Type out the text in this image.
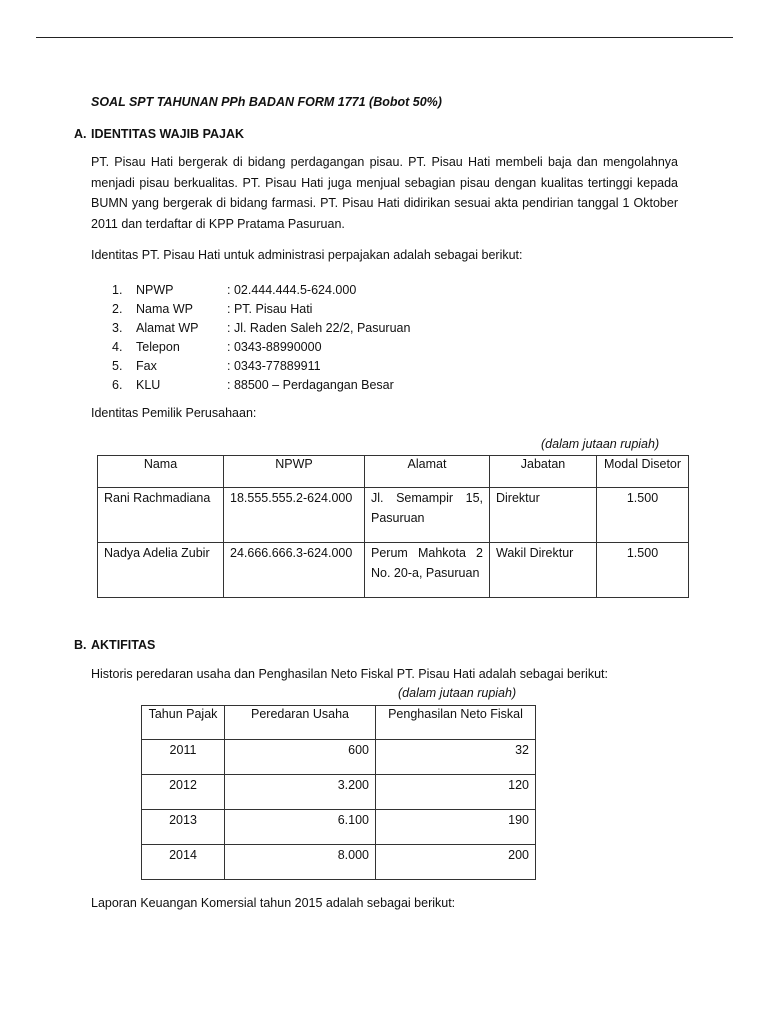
SOAL SPT TAHUNAN PPh BADAN FORM 1771 (Bobot 50%)
A. IDENTITAS WAJIB PAJAK
PT. Pisau Hati bergerak di bidang perdagangan pisau. PT. Pisau Hati membeli baja dan mengolahnya menjadi pisau berkualitas. PT. Pisau Hati juga menjual sebagian pisau dengan kualitas tertinggi kepada BUMN yang bergerak di bidang farmasi. PT. Pisau Hati didirikan sesuai akta pendirian tanggal 1 Oktober 2011 dan terdaftar di KPP Pratama Pasuruan.
Identitas PT. Pisau Hati untuk administrasi perpajakan adalah sebagai berikut:
1.	NPWP	: 02.444.444.5-624.000
2.	Nama WP	: PT. Pisau Hati
3.	Alamat WP	: Jl. Raden Saleh 22/2, Pasuruan
4.	Telepon	: 0343-88990000
5.	Fax	: 0343-77889911
6.	KLU	: 88500 – Perdagangan Besar
Identitas Pemilik Perusahaan:
(dalam jutaan rupiah)
Nama	NPWP	Alamat	Jabatan	Modal Disetor
Rani Rachmadiana	18.555.555.2-624.000	Jl. Semampir 15, Pasuruan	Direktur	1.500
Nadya Adelia Zubir	24.666.666.3-624.000	Perum Mahkota 2 No. 20-a, Pasuruan	Wakil Direktur	1.500
B. AKTIFITAS
Historis peredaran usaha dan Penghasilan Neto Fiskal PT. Pisau Hati adalah sebagai berikut:
(dalam jutaan rupiah)
Tahun Pajak	Peredaran Usaha	Penghasilan Neto Fiskal
2011	600	32
2012	3.200	120
2013	6.100	190
2014	8.000	200
Laporan Keuangan Komersial tahun 2015 adalah sebagai berikut:
